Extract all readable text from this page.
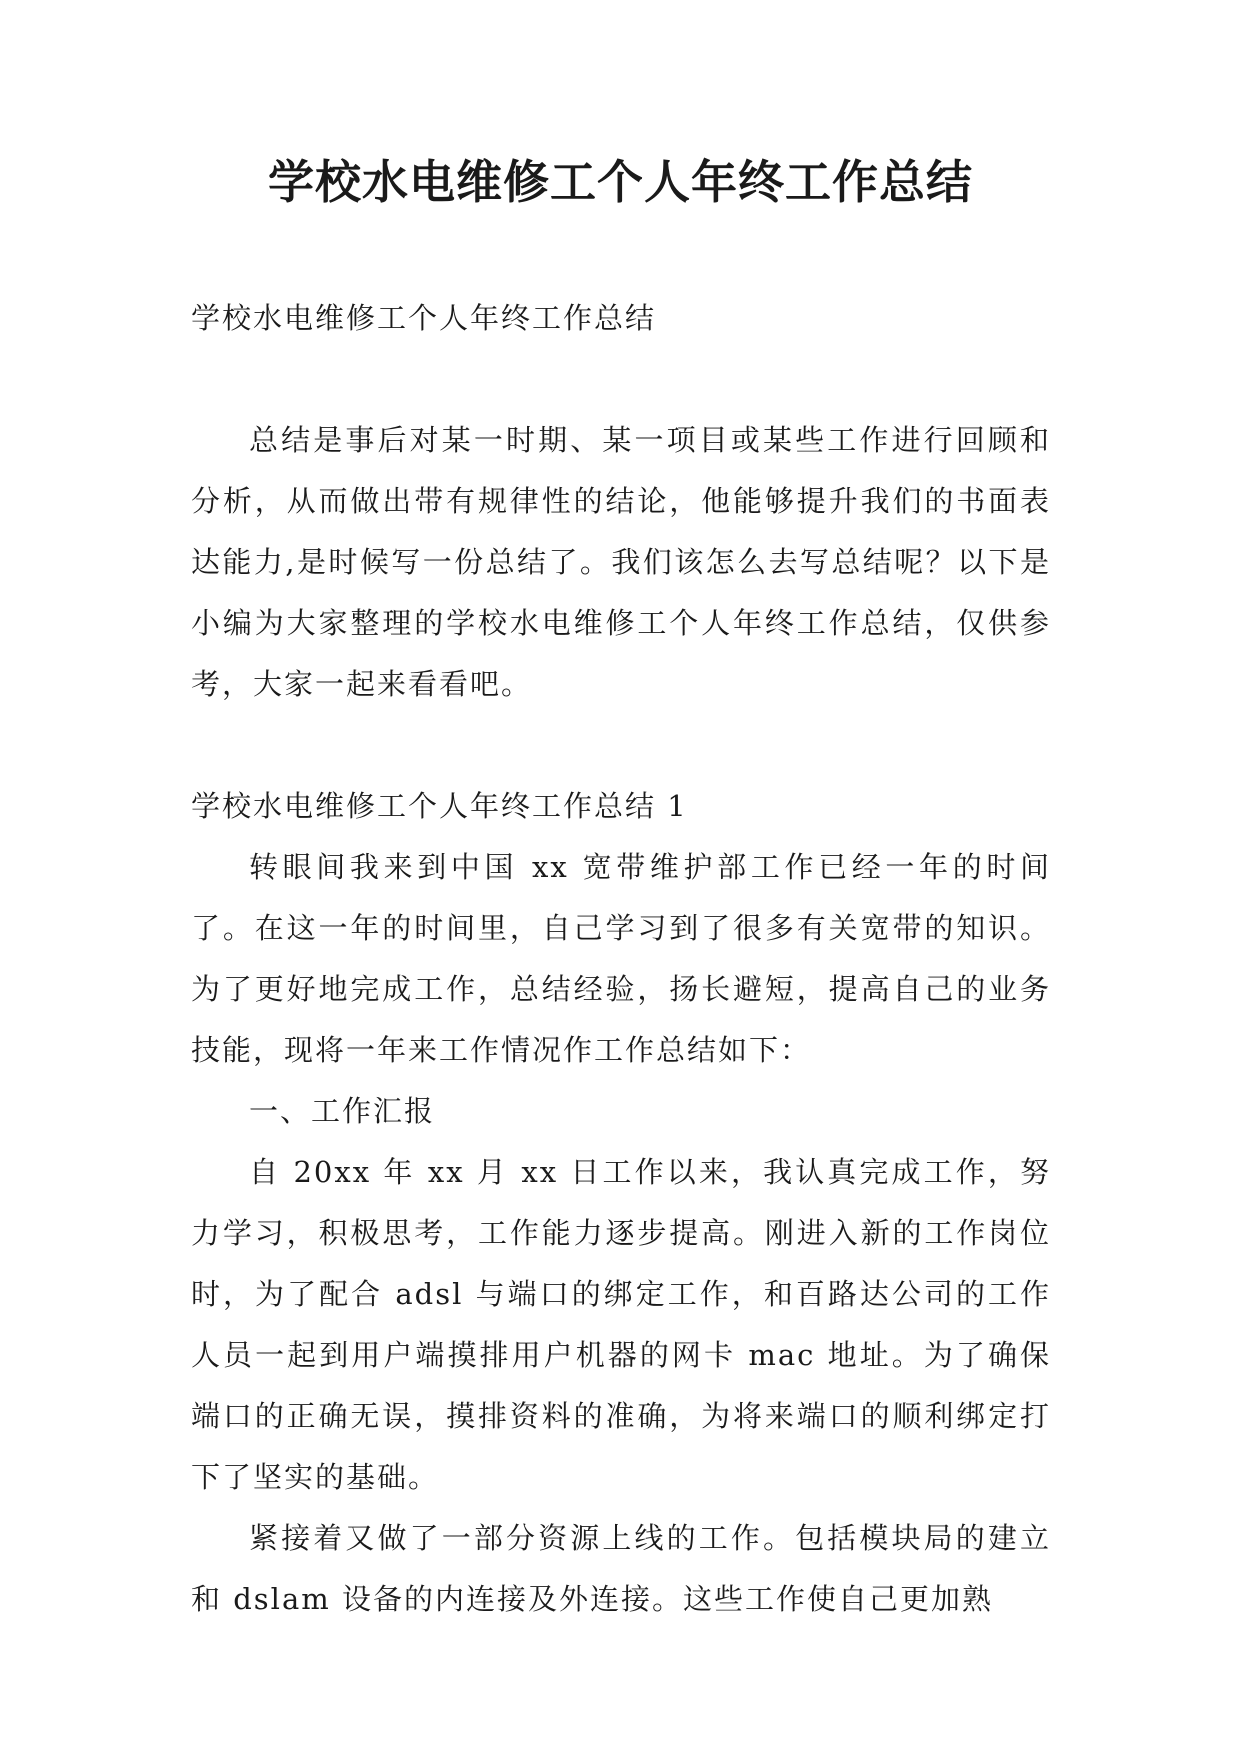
学校水电维修工个人年终工作总结

学校水电维修工个人年终工作总结

总结是事后对某一时期、某一项目或某些工作进行回顾和分析，从而做出带有规律性的结论，他能够提升我们的书面表达能力,是时候写一份总结了。我们该怎么去写总结呢？以下是小编为大家整理的学校水电维修工个人年终工作总结，仅供参考，大家一起来看看吧。

学校水电维修工个人年终工作总结 1

转眼间我来到中国 xx 宽带维护部工作已经一年的时间了。在这一年的时间里，自己学习到了很多有关宽带的知识。为了更好地完成工作，总结经验，扬长避短，提高自己的业务技能，现将一年来工作情况作工作总结如下：

一、工作汇报

自 20xx 年 xx 月 xx 日工作以来，我认真完成工作，努力学习，积极思考，工作能力逐步提高。刚进入新的工作岗位时，为了配合 adsl 与端口的绑定工作，和百路达公司的工作人员一起到用户端摸排用户机器的网卡 mac 地址。为了确保端口的正确无误，摸排资料的准确，为将来端口的顺利绑定打下了坚实的基础。

紧接着又做了一部分资源上线的工作。包括模块局的建立和 dslam 设备的内连接及外连接。这些工作使自己更加熟
